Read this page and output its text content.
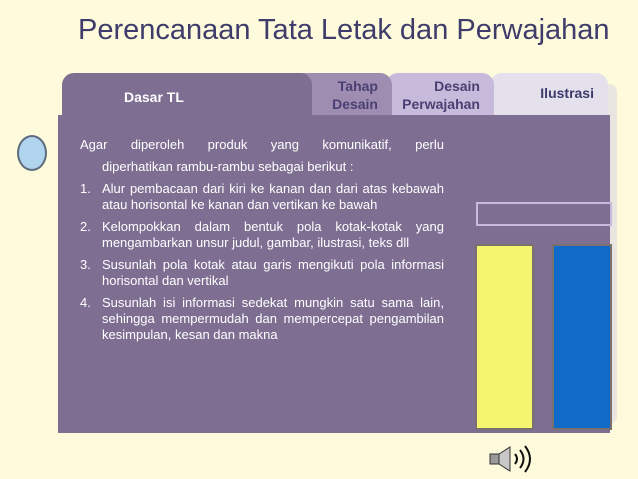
Perencanaan Tata Letak dan Perwajahan
Ilustrasi
Desain
Perwajahan
Tahap
Desain
Dasar TL

Agar diperoleh produk yang komunikatif, perlu

diperhatikan rambu-rambu sebagai berikut :

1. Alur pembacaan dari kiri ke kanan dan dari atas kebawah atau horisontal ke kanan dan vertikan ke bawah
2. Kelompokkan dalam bentuk pola kotak-kotak yang mengambarkan unsur judul, gambar, ilustrasi, teks dll
3. Susunlah pola kotak atau garis mengikuti pola informasi horisontal dan vertikal
4. Susunlah isi informasi sedekat mungkin satu sama lain, sehingga mempermudah dan mempercepat pengambilan kesimpulan, kesan dan makna
